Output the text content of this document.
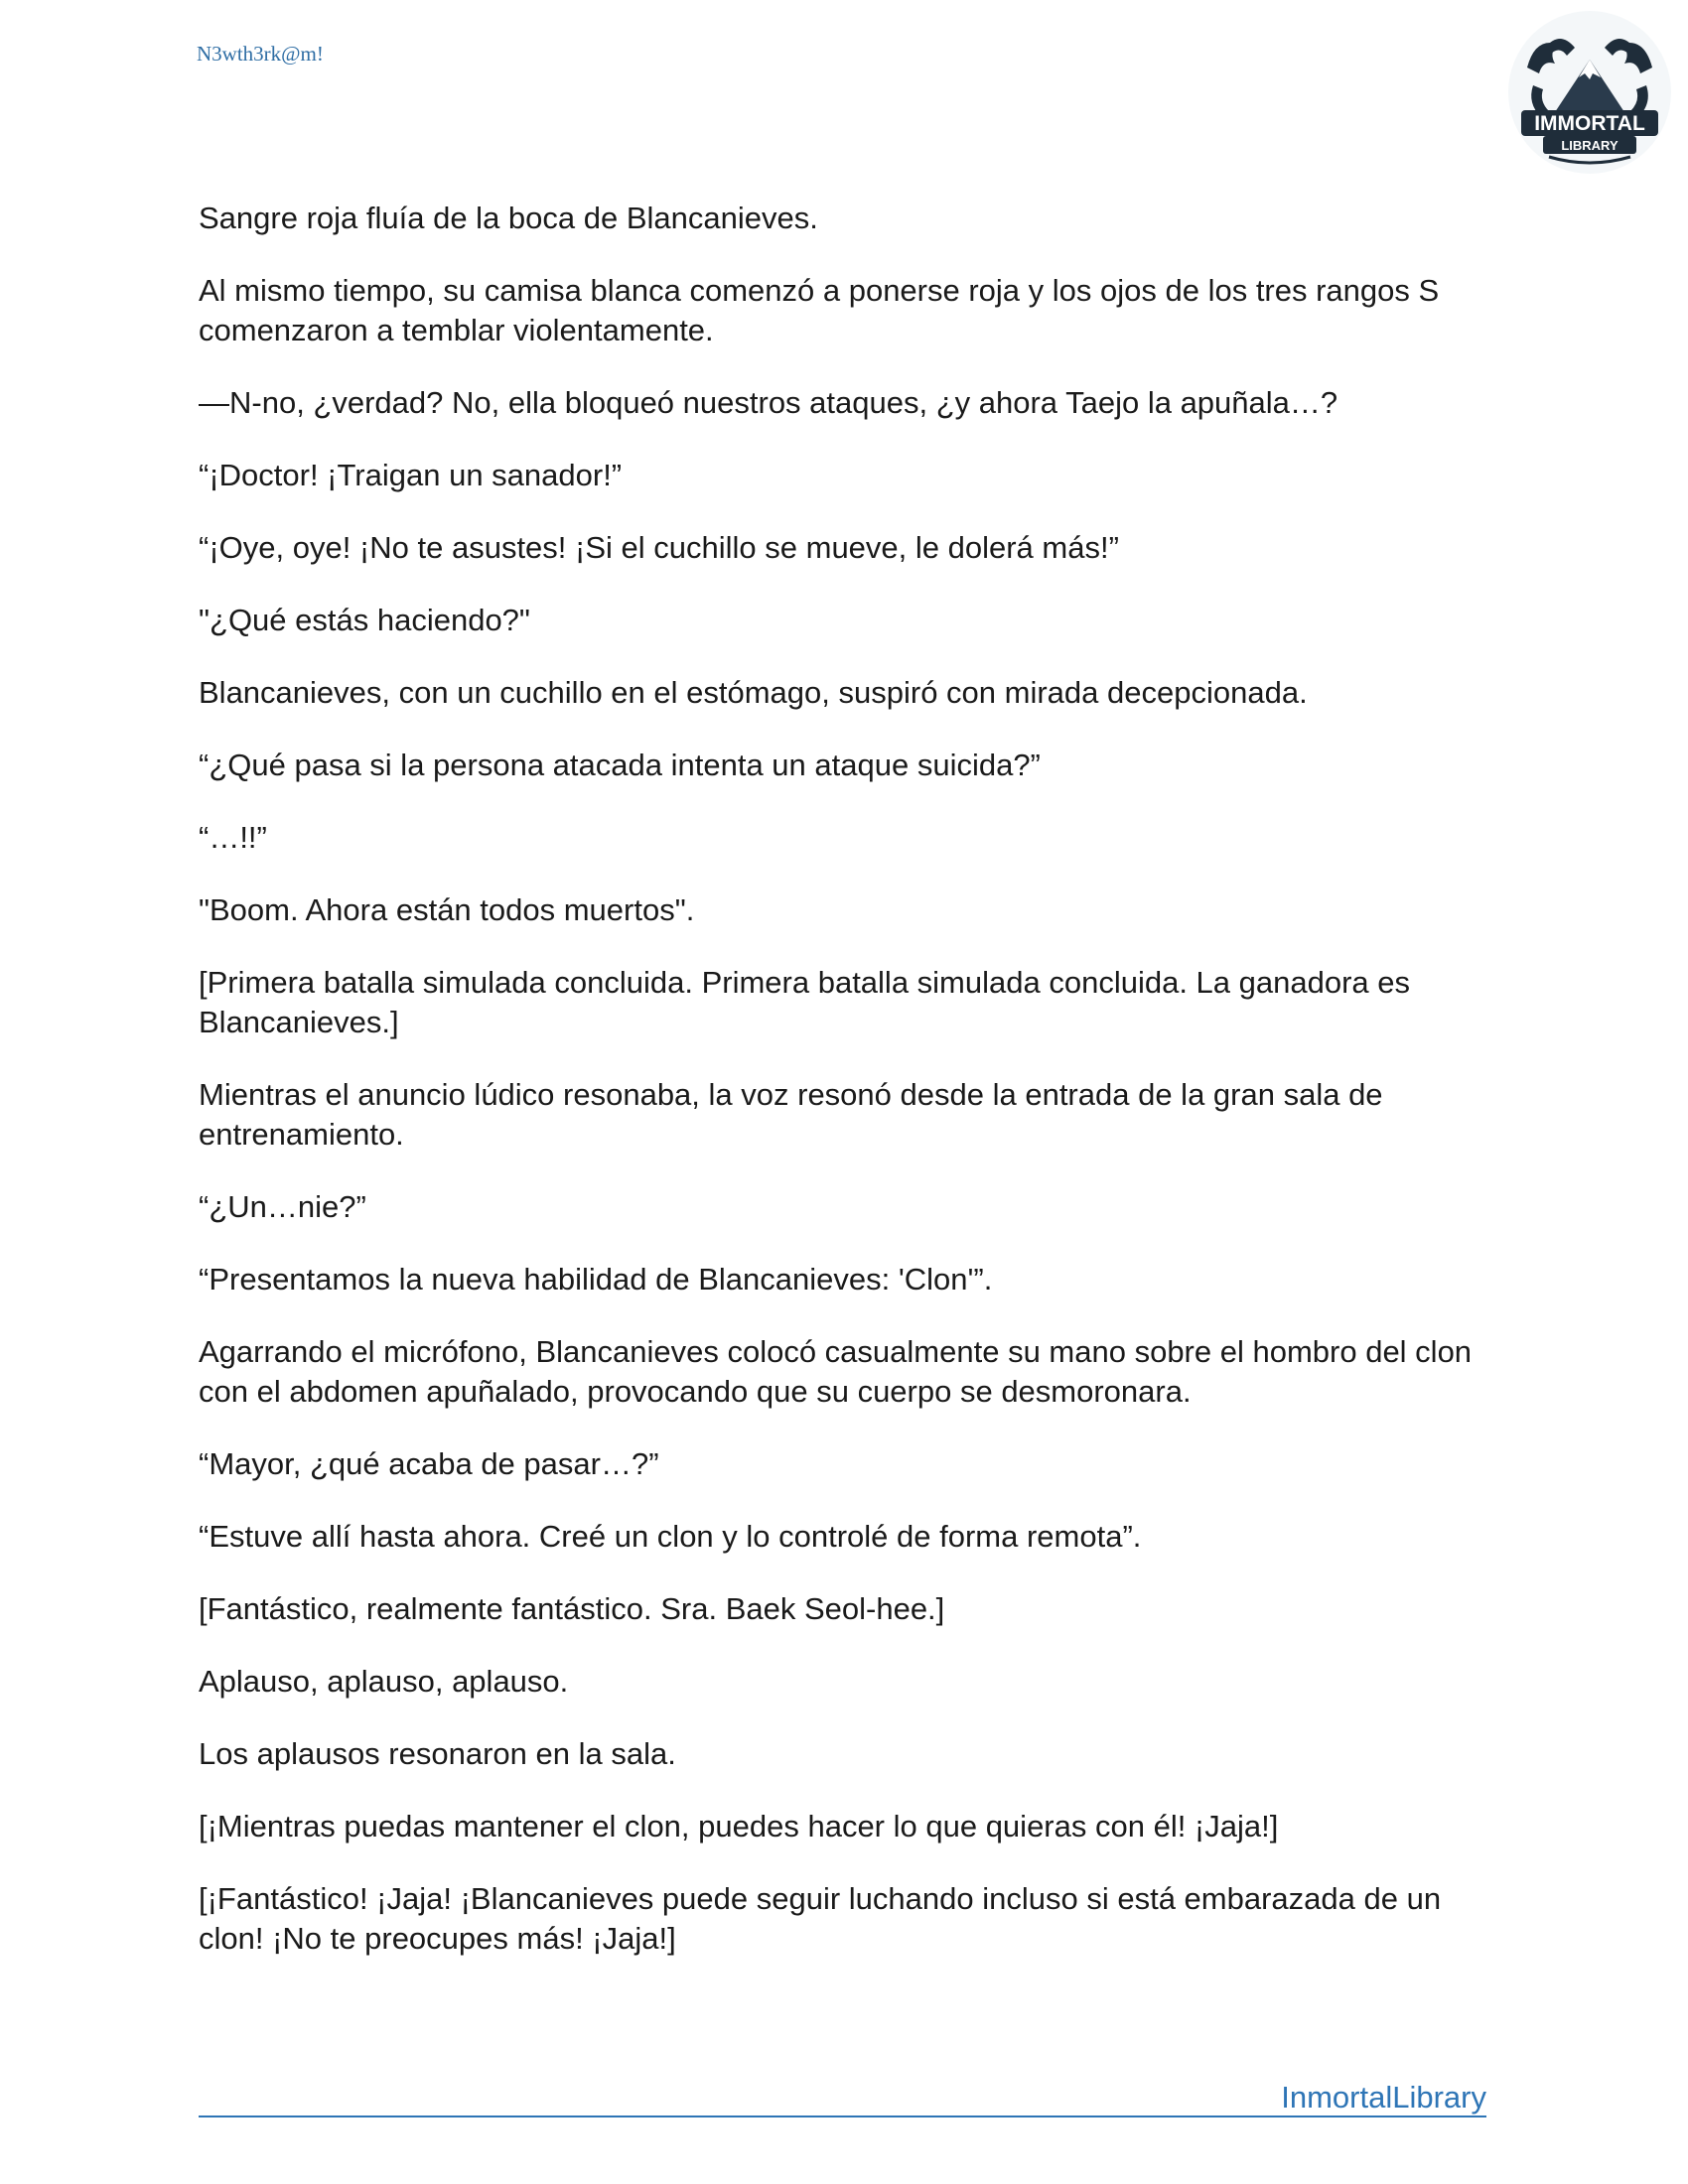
N3wth3rk@m!
IMMORTAL
LIBRARY

Sangre roja fluía de la boca de Blancanieves.

Al mismo tiempo, su camisa blanca comenzó a ponerse roja y los ojos de los tres rangos S comenzaron a temblar violentamente.

—N-no, ¿verdad? No, ella bloqueó nuestros ataques, ¿y ahora Taejo la apuñala…?

“¡Doctor! ¡Traigan un sanador!”

“¡Oye, oye! ¡No te asustes! ¡Si el cuchillo se mueve, le dolerá más!”

"¿Qué estás haciendo?"

Blancanieves, con un cuchillo en el estómago, suspiró con mirada decepcionada.

“¿Qué pasa si la persona atacada intenta un ataque suicida?”

“…!!”

"Boom. Ahora están todos muertos".

[Primera batalla simulada concluida. Primera batalla simulada concluida. La ganadora es Blancanieves.]

Mientras el anuncio lúdico resonaba, la voz resonó desde la entrada de la gran sala de entrenamiento.

“¿Un…nie?”

“Presentamos la nueva habilidad de Blancanieves: 'Clon'”.

Agarrando el micrófono, Blancanieves colocó casualmente su mano sobre el hombro del clon con el abdomen apuñalado, provocando que su cuerpo se desmoronara.

“Mayor, ¿qué acaba de pasar…?”

“Estuve allí hasta ahora. Creé un clon y lo controlé de forma remota”.

[Fantástico, realmente fantástico. Sra. Baek Seol-hee.]

Aplauso, aplauso, aplauso.

Los aplausos resonaron en la sala.

[¡Mientras puedas mantener el clon, puedes hacer lo que quieras con él! ¡Jaja!]

[¡Fantástico! ¡Jaja! ¡Blancanieves puede seguir luchando incluso si está embarazada de un clon! ¡No te preocupes más! ¡Jaja!]

InmortalLibrary
